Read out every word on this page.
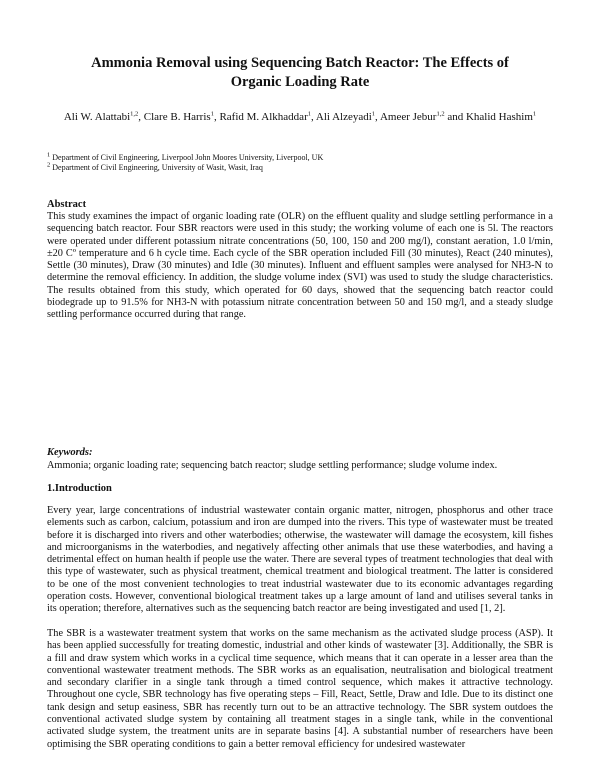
Ammonia Removal using Sequencing Batch Reactor: The Effects of
Organic Loading Rate

Ali W. Alattabi$^{1,2}$, Clare B. Harris$^1$, Rafid M. Alkhaddar$^1$, Ali Alzeyadi$^1$, Ameer Jebur$^{1,2}$ and Khalid Hashim$^1$

$^1$ Department of Civil Engineering, Liverpool John Moores University, Liverpool, UK

$^2$ Department of Civil Engineering, University of Wasit, Wasit, Iraq

Abstract

This study examines the impact of organic loading rate (OLR) on the effluent quality and sludge settling performance in a sequencing batch reactor. Four SBR reactors were used in this study; the working volume of each one is 5l. The reactors were operated under different potassium nitrate concentrations (50, 100, 150 and 200 mg/l), constant aeration, 1.0 l/min, ±20 Cº temperature and 6 h cycle time. Each cycle of the SBR operation included Fill (30 minutes), React (240 minutes), Settle (30 minutes), Draw (30 minutes) and Idle (30 minutes). Influent and effluent samples were analysed for NH3-N to determine the removal efficiency. In addition, the sludge volume index (SVI) was used to study the sludge characteristics. The results obtained from this study, which operated for 60 days, showed that the sequencing batch reactor could biodegrade up to 91.5% for NH3-N with potassium nitrate concentration between 50 and 150 mg/l, and a steady sludge settling performance occurred during that range.

Keywords:

Ammonia; organic loading rate; sequencing batch reactor; sludge settling performance; sludge volume index.

1.Introduction

Every year, large concentrations of industrial wastewater contain organic matter, nitrogen, phosphorus and other trace elements such as carbon, calcium, potassium and iron are dumped into the rivers. This type of wastewater must be treated before it is discharged into rivers and other waterbodies; otherwise, the wastewater will damage the ecosystem, kill fishes and microorganisms in the waterbodies, and negatively affecting other animals that use these waterbodies, and having a detrimental effect on human health if people use the water. There are several types of treatment technologies that deal with this type of wastewater, such as physical treatment, chemical treatment and biological treatment. The latter is considered to be one of the most convenient technologies to treat industrial wastewater due to its economic advantages regarding operation costs. However, conventional biological treatment takes up a large amount of land and utilises several tanks in its operation; therefore, alternatives such as the sequencing batch reactor are being investigated and used [1, 2].

The SBR is a wastewater treatment system that works on the same mechanism as the activated sludge process (ASP). It has been applied successfully for treating domestic, industrial and other kinds of wastewater [3]. Additionally, the SBR is a fill and draw system which works in a cyclical time sequence, which means that it can operate in a lesser area than the conventional wastewater treatment methods. The SBR works as an equalisation, neutralisation and biological treatment and secondary clarifier in a single tank through a timed control sequence, which makes it attractive technology. Throughout one cycle, SBR technology has five operating steps – Fill, React, Settle, Draw and Idle. Due to its distinct one tank design and setup easiness, SBR has recently turn out to be an attractive technology. The SBR system outdoes the conventional activated sludge system by containing all treatment stages in a single tank, while in the conventional activated sludge system, the treatment units are in separate basins [4]. A substantial number of researchers have been optimising the SBR operating conditions to gain a better removal efficiency for undesired wastewater
